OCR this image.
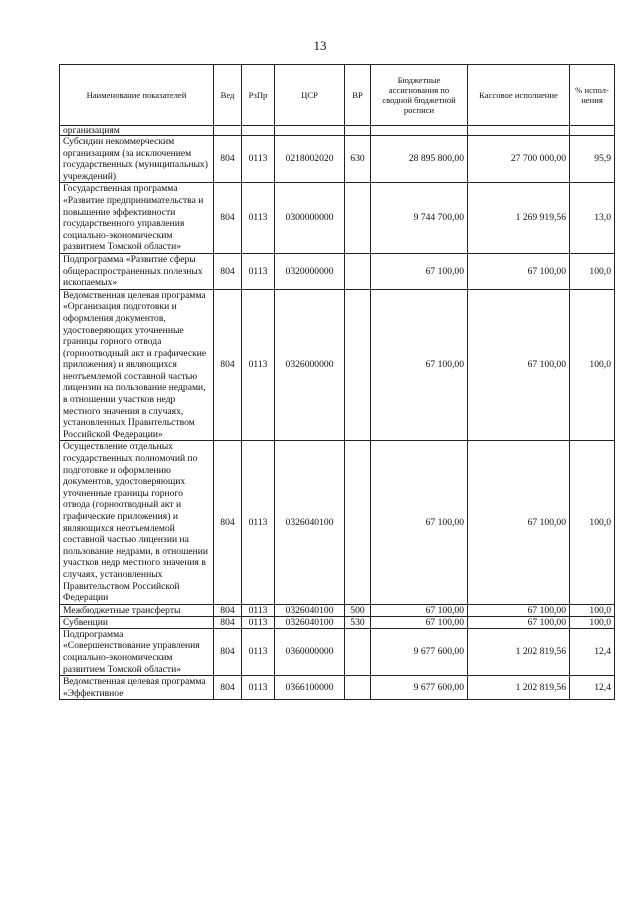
13
Наименование показателей	Вед	РзПр	ЦСР	ВР	Бюджетные ассигнования по сводной бюджетной росписи	Кассовое исполнение	% испол-нения
организациям							
Субсидии некоммерческим организациям (за исключением государственных (муниципальных) учреждений)	804	0113	0218002020	630	28 895 800,00	27 700 000,00	95,9
Государственная программа «Развитие предпринимательства и повышение эффективности государственного управления социально-экономическим развитием Томской области»	804	0113	0300000000		9 744 700,00	1 269 919,56	13,0
Подпрограмма «Развитие сферы общераспространенных полезных ископаемых»	804	0113	0320000000		67 100,00	67 100,00	100,0
Ведомственная целевая программа «Организация подготовки и оформления документов, удостоверяющих уточненные границы горного отвода (горноотводный акт и графические приложения) и являющихся неотъемлемой составной частью лицензии на пользование недрами, в отношении участков недр местного значения в случаях, установленных Правительством Российской Федерации»	804	0113	0326000000		67 100,00	67 100,00	100,0
Осуществление отдельных государственных полномочий по подготовке и оформлению документов, удостоверяющих уточненные границы горного отвода (горноотводный акт и графические приложения) и являющихся неотъемлемой составной частью лицензии на пользование недрами, в отношении участков недр местного значения в случаях, установленных Правительством Российской Федерации	804	0113	0326040100		67 100,00	67 100,00	100,0
Межбюджетные трансферты	804	0113	0326040100	500	67 100,00	67 100,00	100,0
Субвенции	804	0113	0326040100	530	67 100,00	67 100,00	100,0
Подпрограмма «Совершенствование управления социально-экономическим развитием Томской области»	804	0113	0360000000		9 677 600,00	1 202 819,56	12,4
Ведомственная целевая программа «Эффективное	804	0113	0366100000		9 677 600,00	1 202 819,56	12,4
